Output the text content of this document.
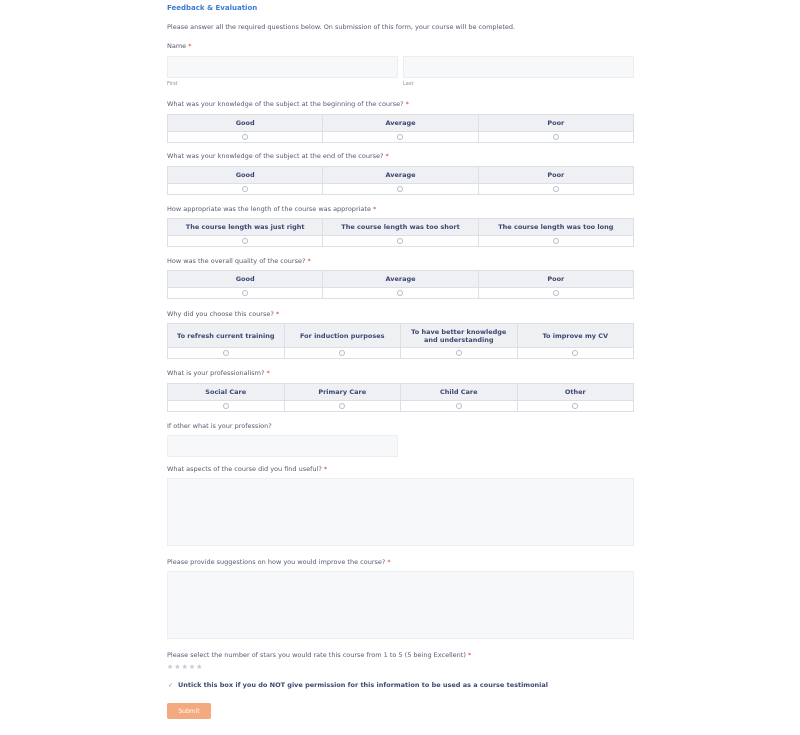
Feedback & Evaluation
Please answer all the required questions below. On submission of this form, your course will be completed.
Name *
First	Last
What was your knowledge of the subject at the beginning of the course? *
Good	Average	Poor
What was your knowledge of the subject at the end of the course? *
Good	Average	Poor
How appropriate was the length of the course was appropriate *
The course length was just right	The course length was too short	The course length was too long
How was the overall quality of the course? *
Good	Average	Poor
Why did you choose this course? *
To refresh current training	For induction purposes	To have better knowledge and understanding	To improve my CV
What is your professionalism? *
Social Care	Primary Care	Child Care	Other
If other what is your profession?
What aspects of the course did you find useful? *
Please provide suggestions on how you would improve the course? *
Please select the number of stars you would rate this course from 1 to 5 (5 being Excellent) *
★ ★ ★ ★ ★
✓ Untick this box if you do NOT give permission for this information to be used as a course testimonial
Submit
